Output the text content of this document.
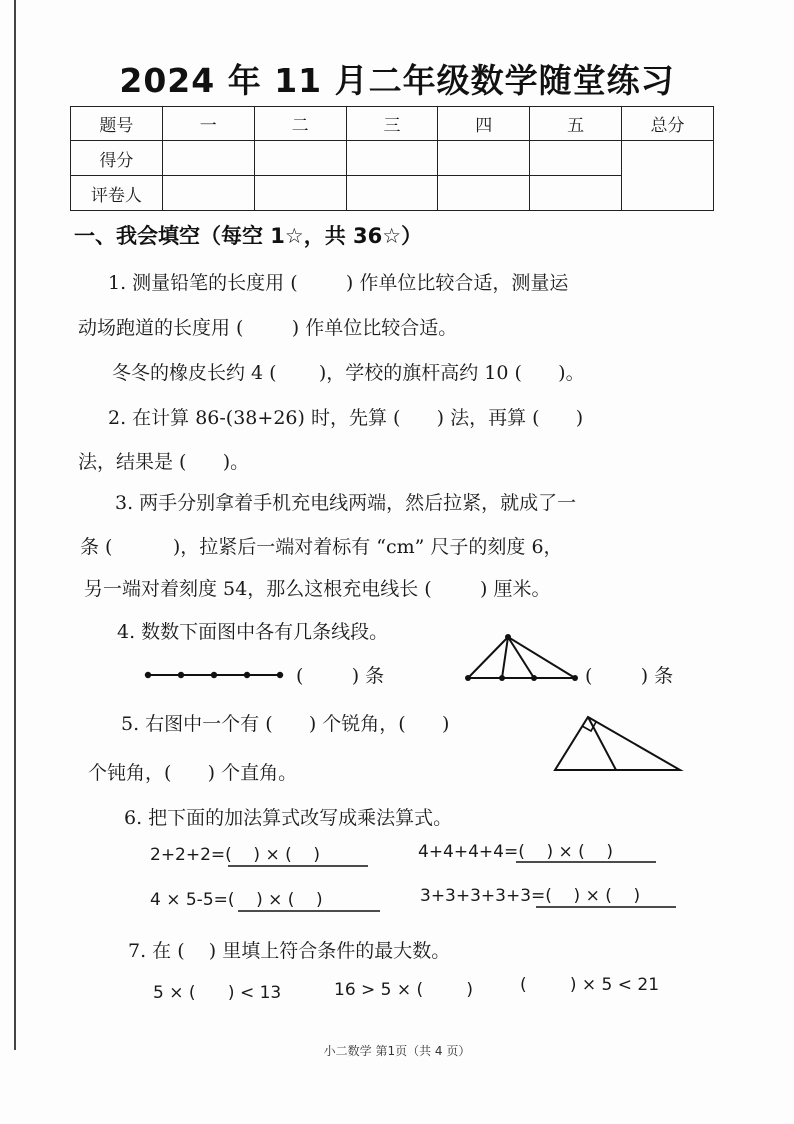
2024 年 11 月二年级数学随堂练习
题号	一	二	三	四	五	总分
得分						
评卷人						
一、我会填空（每空 1☆，共 36☆）
1. 测量铅笔的长度用 (        ) 作单位比较合适，测量运
动场跑道的长度用 (        ) 作单位比较合适。
冬冬的橡皮长约 4 (       )，学校的旗杆高约 10 (      )。
2. 在计算 86-(38+26) 时，先算 (      ) 法，再算 (      )
法，结果是 (      )。
3. 两手分别拿着手机充电线两端，然后拉紧，就成了一
条 (          )，拉紧后一端对着标有 “cm” 尺子的刻度 6，
另一端对着刻度 54，那么这根充电线长 (        ) 厘米。
4. 数数下面图中各有几条线段。
(        ) 条	(        ) 条
5. 右图中一个有 (      ) 个锐角，(      )
个钝角，(      ) 个直角。
6. 把下面的加法算式改写成乘法算式。
2+2+2=(    ) × (    )	4+4+4+4=(    ) × (    )
4 × 5-5=(    ) × (    )	3+3+3+3+3=(    ) × (    )
7. 在 (    ) 里填上符合条件的最大数。
5 × (      ) < 13	16 > 5 × (        )	(        ) × 5 < 21
小二数学 第1页（共 4 页）
